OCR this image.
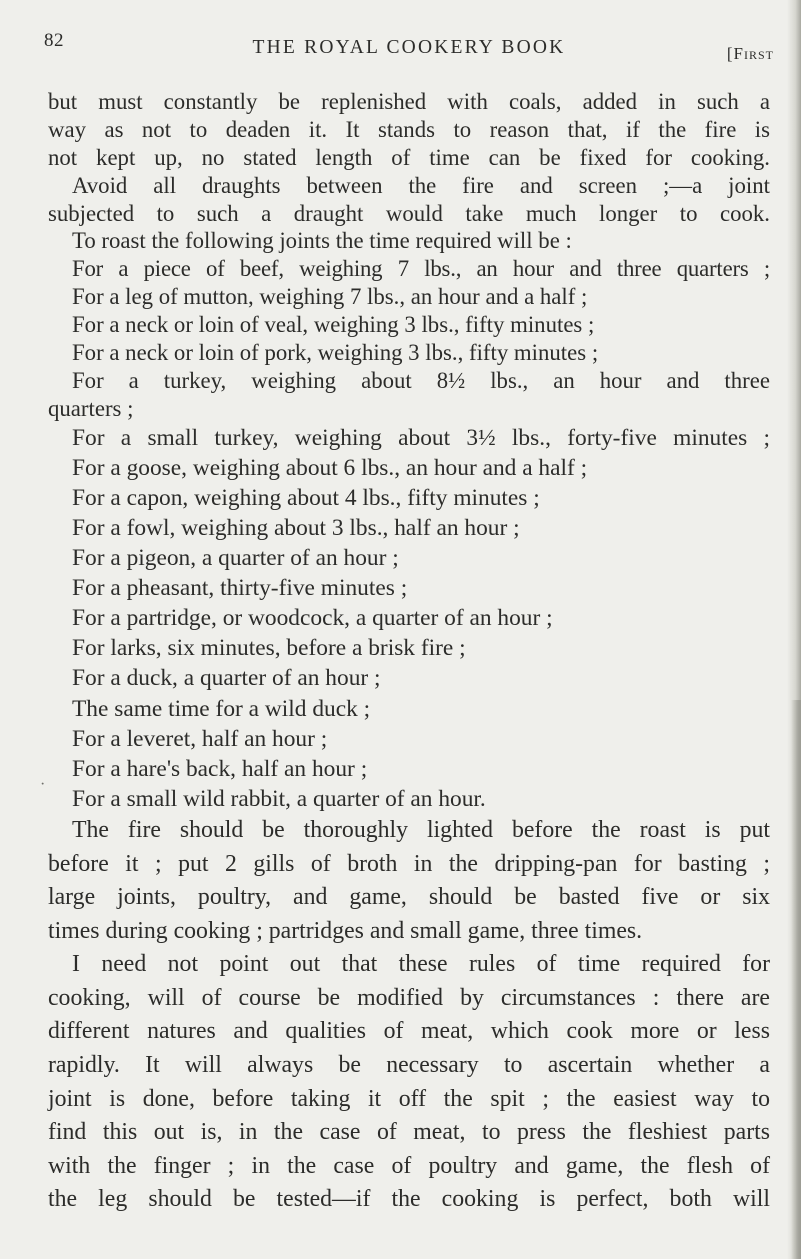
82	THE ROYAL COOKERY BOOK	[First
·
but must constantly be replenished with coals, added in such a
way as not to deaden it. It stands to reason that, if the fire is
not kept up, no stated length of time can be fixed for cooking.
Avoid all draughts between the fire and screen ;—a joint
subjected to such a draught would take much longer to cook.
To roast the following joints the time required will be :
For a piece of beef, weighing 7 lbs., an hour and three quarters ;
For a leg of mutton, weighing 7 lbs., an hour and a half ;
For a neck or loin of veal, weighing 3 lbs., fifty minutes ;
For a neck or loin of pork, weighing 3 lbs., fifty minutes ;
For a turkey, weighing about 8½ lbs., an hour and three
quarters ;
For a small turkey, weighing about 3½ lbs., forty-five minutes ;
For a goose, weighing about 6 lbs., an hour and a half ;
For a capon, weighing about 4 lbs., fifty minutes ;
For a fowl, weighing about 3 lbs., half an hour ;
For a pigeon, a quarter of an hour ;
For a pheasant, thirty-five minutes ;
For a partridge, or woodcock, a quarter of an hour ;
For larks, six minutes, before a brisk fire ;
For a duck, a quarter of an hour ;
The same time for a wild duck ;
For a leveret, half an hour ;
For a hare's back, half an hour ;
For a small wild rabbit, a quarter of an hour.
The fire should be thoroughly lighted before the roast is put
before it ; put 2 gills of broth in the dripping-pan for basting ;
large joints, poultry, and game, should be basted five or six
times during cooking ; partridges and small game, three times.
I need not point out that these rules of time required for
cooking, will of course be modified by circumstances : there are
different natures and qualities of meat, which cook more or less
rapidly. It will always be necessary to ascertain whether a
joint is done, before taking it off the spit ; the easiest way to
find this out is, in the case of meat, to press the fleshiest parts
with the finger ; in the case of poultry and game, the flesh of
the leg should be tested—if the cooking is perfect, both will
